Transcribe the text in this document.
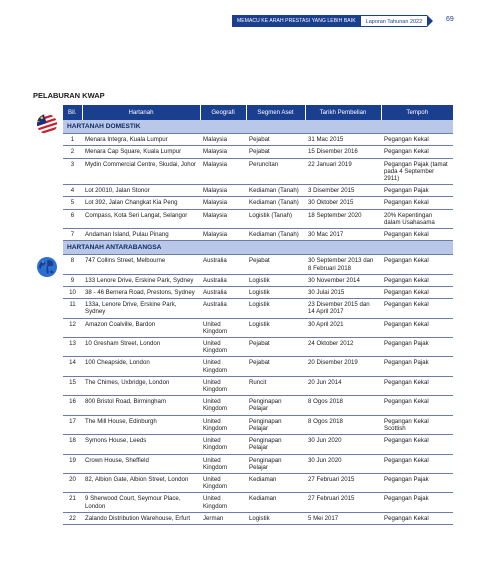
MEMACU KE ARAH PRESTASI YANG LEBIH BAIK	Laporan Tahunan 2022	69
PELABURAN KWAP
Bil.	Hartanah	Geografi	Segmen Aset	Tarikh Pembelian	Tempoh
HARTANAH DOMESTIK					
1	Menara Integra, Kuala Lumpur	Malaysia	Pejabat	31 Mac 2015	Pegangan Kekal
2	Menara Cap Square, Kuala Lumpur	Malaysia	Pejabat	15 Disember 2016	Pegangan Kekal
3	Mydin Commercial Centre, Skudai, Johor	Malaysia	Peruncitan	22 Januari 2019	Pegangan Pajak (tamat pada 4 September 2911)
4	Lot 20010, Jalan Stonor	Malaysia	Kediaman (Tanah)	3 Disember 2015	Pegangan Pajak
5	Lot 392, Jalan Changkat Kia Peng	Malaysia	Kediaman (Tanah)	30 Oktober 2015	Pegangan Kekal
6	Compass, Kota Seri Langat, Selangor	Malaysia	Logistik (Tanah)	18 September 2020	20% Kepentingan dalam Usahasama
7	Andaman Island, Pulau Pinang	Malaysia	Kediaman (Tanah)	30 Mac 2017	Pegangan Kekal
HARTANAH ANTARABANGSA					
8	747 Collins Street, Melbourne	Australia	Pejabat	30 September 2013 dan 8 Februari 2018	Pegangan Kekal
9	133 Lenore Drive, Erskine Park, Sydney	Australia	Logistik	30 November 2014	Pegangan Kekal
10	38 - 46 Bernera Road, Prestons, Sydney	Australia	Logistik	30 Julai 2015	Pegangan Kekal
11	133a, Lenore Drive, Erskine Park, Sydney	Australia	Logistik	23 Disember 2015 dan 14 April 2017	Pegangan Kekal
12	Amazon Coalville, Bardon	United Kingdom	Logistik	30 April 2021	Pegangan Kekal
13	10 Gresham Street, London	United Kingdom	Pejabat	24 Oktober 2012	Pegangan Pajak
14	100 Cheapside, London	United Kingdom	Pejabat	20 Disember 2019	Pegangan Pajak
15	The Chimes, Uxbridge, London	United Kingdom	Runcit	20 Jun 2014	Pegangan Kekal
16	800 Bristol Road, Birmingham	United Kingdom	Penginapan Pelajar	8 Ogos 2018	Pegangan Kekal
17	The Mill House, Edinburgh	United Kingdom	Penginapan Pelajar	8 Ogos 2018	Pegangan Kekal Scottish
18	Symons House, Leeds	United Kingdom	Penginapan Pelajar	30 Jun 2020	Pegangan Kekal
19	Crown House, Sheffield	United Kingdom	Penginapan Pelajar	30 Jun 2020	Pegangan Kekal
20	82, Albion Gate, Albion Street, London	United Kingdom	Kediaman	27 Februari 2015	Pegangan Pajak
21	9 Sherwood Court, Seymour Place, London	United Kingdom	Kediaman	27 Februari 2015	Pegangan Pajak
22	Zalando Distribution Warehouse, Erfurt	Jerman	Logistik	5 Mei 2017	Pegangan Kekal
